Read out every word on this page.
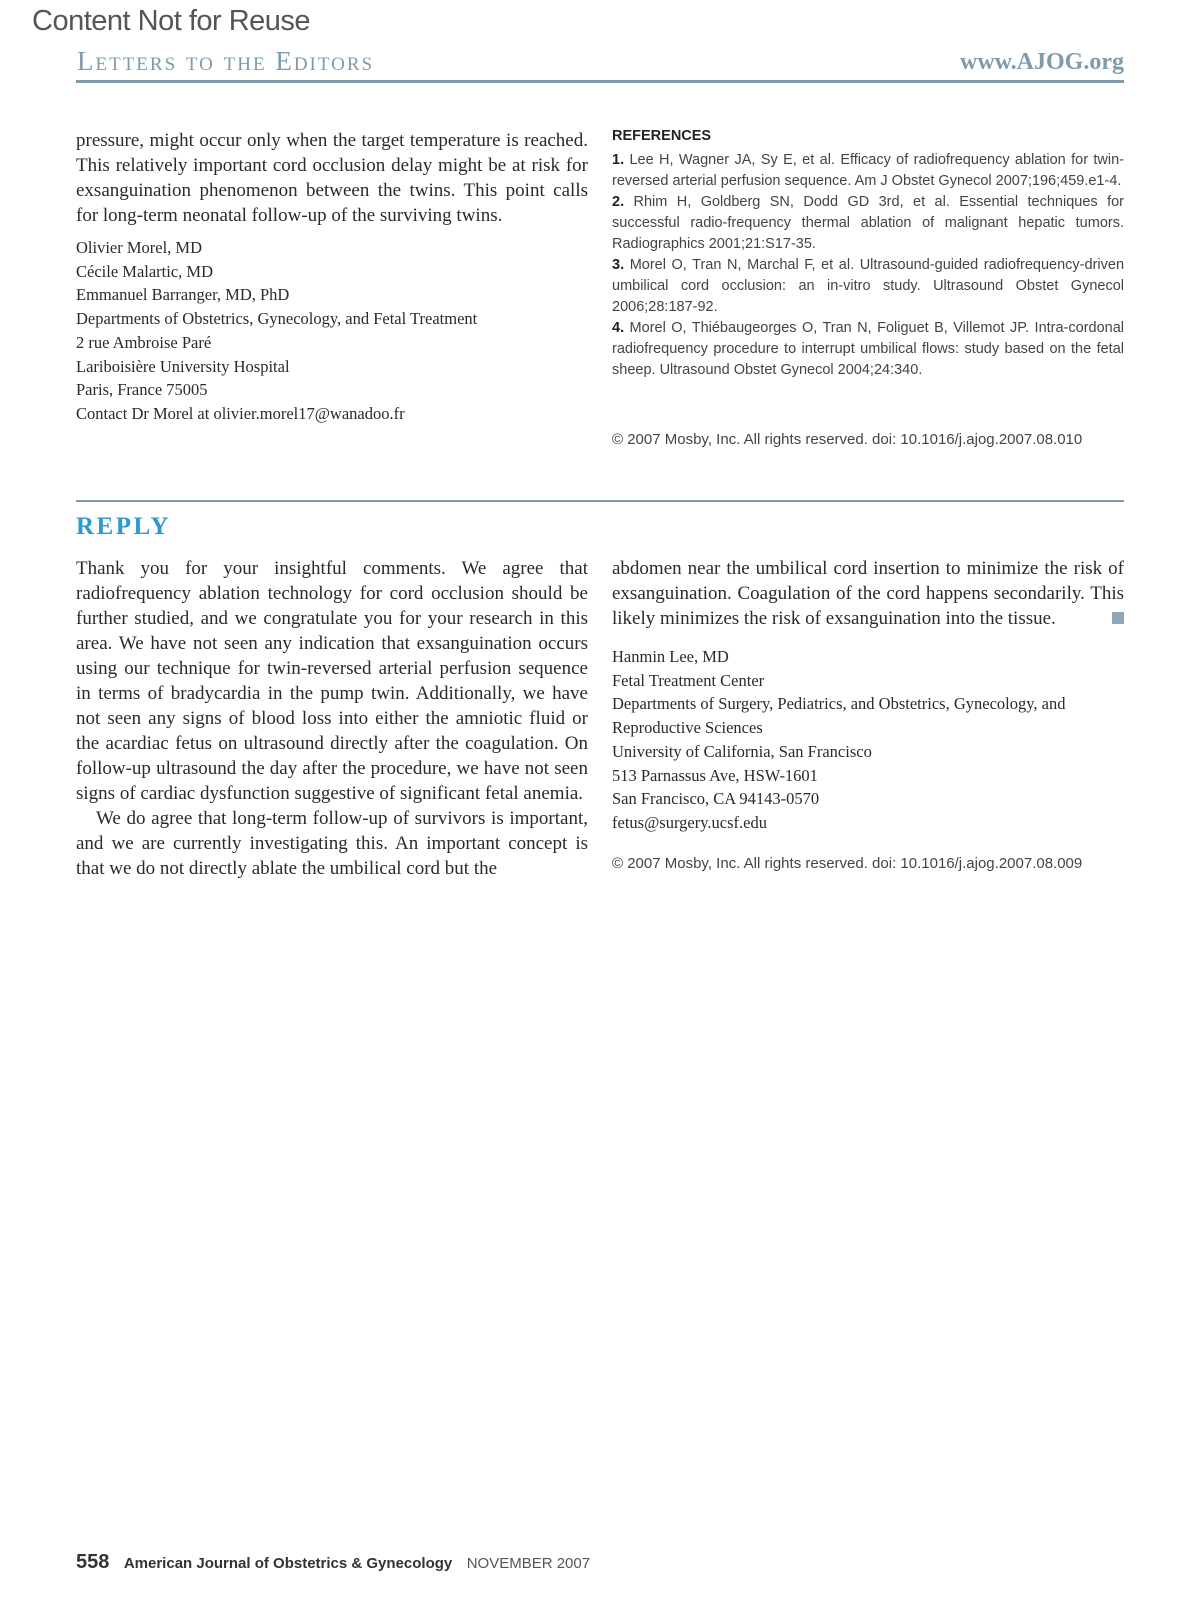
Content Not for Reuse
Letters to the Editors	www.AJOG.org

pressure, might occur only when the target temperature is reached. This relatively important cord occlusion delay might be at risk for exsanguination phenomenon between the twins. This point calls for long-term neonatal follow-up of the surviving twins.

Olivier Morel, MD
Cécile Malartic, MD
Emmanuel Barranger, MD, PhD
Departments of Obstetrics, Gynecology, and Fetal Treatment
2 rue Ambroise Paré
Lariboisière University Hospital
Paris, France 75005
Contact Dr Morel at olivier.morel17@wanadoo.fr

REFERENCES

1. Lee H, Wagner JA, Sy E, et al. Efficacy of radiofrequency ablation for twin-reversed arterial perfusion sequence. Am J Obstet Gynecol 2007;196;459.e1-4.

2. Rhim H, Goldberg SN, Dodd GD 3rd, et al. Essential techniques for successful radio-frequency thermal ablation of malignant hepatic tumors. Radiographics 2001;21:S17-35.

3. Morel O, Tran N, Marchal F, et al. Ultrasound-guided radiofrequency-driven umbilical cord occlusion: an in-vitro study. Ultrasound Obstet Gynecol 2006;28:187-92.

4. Morel O, Thiébaugeorges O, Tran N, Foliguet B, Villemot JP. Intra-cordonal radiofrequency procedure to interrupt umbilical flows: study based on the fetal sheep. Ultrasound Obstet Gynecol 2004;24:340.

© 2007 Mosby, Inc. All rights reserved. doi: 10.1016/j.ajog.2007.08.010
REPLY

Thank you for your insightful comments. We agree that radiofrequency ablation technology for cord occlusion should be further studied, and we congratulate you for your research in this area. We have not seen any indication that exsanguination occurs using our technique for twin-reversed arterial perfusion sequence in terms of bradycardia in the pump twin. Additionally, we have not seen any signs of blood loss into either the amniotic fluid or the acardiac fetus on ultrasound directly after the coagulation. On follow-up ultrasound the day after the procedure, we have not seen signs of cardiac dysfunction suggestive of significant fetal anemia.

We do agree that long-term follow-up of survivors is important, and we are currently investigating this. An important concept is that we do not directly ablate the umbilical cord but the

abdomen near the umbilical cord insertion to minimize the risk of exsanguination. Coagulation of the cord happens secondarily. This likely minimizes the risk of exsanguination into the tissue.

Hanmin Lee, MD
Fetal Treatment Center
Departments of Surgery, Pediatrics, and Obstetrics, Gynecology, and Reproductive Sciences
University of California, San Francisco
513 Parnassus Ave, HSW-1601
San Francisco, CA 94143-0570
fetus@surgery.ucsf.edu
© 2007 Mosby, Inc. All rights reserved. doi: 10.1016/j.ajog.2007.08.009
558 American Journal of Obstetrics & Gynecology NOVEMBER 2007
